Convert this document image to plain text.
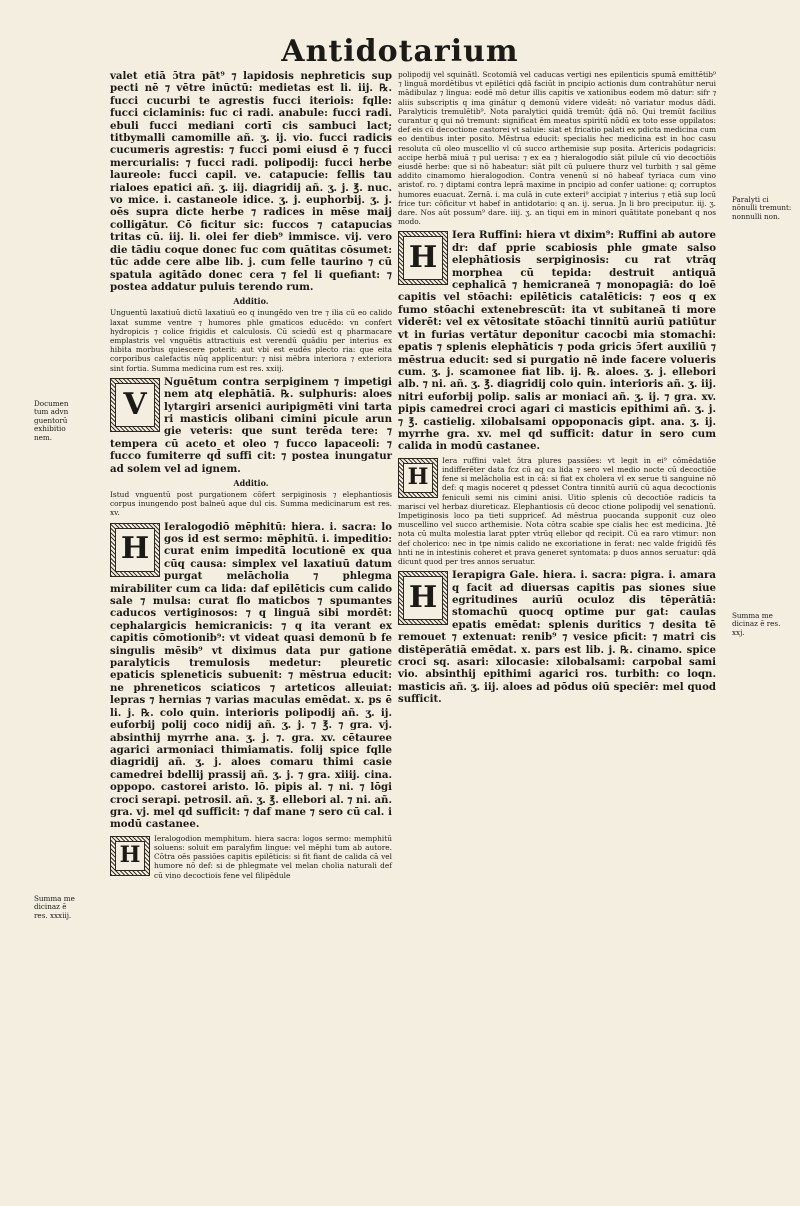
Antidotarium
valet etiā ɔ̄tra pāt⁹ ⁊ lapidosis nephreticis sup pecti nē ⁊ vētre inūctū: medietas est li. iij. ℞. fucci cucurbi te agrestis fucci iteriois: fqlle: fucci ciclaminis: fuc ci radi. anabule: fucci radi. ebuli fucci mediani cortī cis sambuci lact; titbymalli camomille añ. ʒ. ij. vio. fucci radicis cucumeris agrestis: ⁊ fucci pomi eiusd ē ⁊ fucci mercurialis: ⁊ fucci radi. polipodij: fucci herbe laureole: fucci capil. ve. catapucie: fellis tau rialoes epatici añ. ʒ. iij. diagridij añ. ʒ. j. ℥. nuc. vo mice. i. castaneole idice. ʒ. j. euphorbij. ʒ. j. oēs supra dicte herbe ⁊ radices in mēse maij colligātur. Cō ficitur sic: fuccos ⁊ catapucias tritas cū. iij. li. olei fer dieb⁹ immisce. vij. vero die tādiu coque donec fuc com quātitas cōsumet: tūc adde cere albe lib. j. cum felle taurino ⁊ cū spatula agitādo donec cera ⁊ fel li quefiant: ⁊ postea addatur puluis terendo rum.
Additio.
Unguentū laxatiuū dictū laxatiuū eo q inungēdo ven tre ⁊ ilia cū eo calido laxat summe ventre ⁊ humores phle gmaticos educēdo: vn confert hydropicis ⁊ colice frigidis et calculosis. Cū sciedū est q pharmacare emplastris vel vnguētis attractiuis est verendū quādiu per interius ex hibita morbus quiescere poterit: aut vbi est eudēs plecto ria: que eita corporibus calefactis nūq applicentur: ⁊ nisi mēbra interiora ⁊ exteriora sint fortia. Summa medicina rum est res. xxiij.
V
Nguētum contra serpiginem ⁊ impetigi nem atq elephātiā. ℞. sulphuris: aloes lytargiri arsenici auripigmēti vini tarta ri masticis olibani cimini picule arun gie veteris: que sunt terēda tere: ⁊ tempera cū aceto et oleo ⁊ fucco lapaceoli: ⁊ fucco fumiterre qd̄ suffi cit: ⁊ postea inungatur ad solem vel ad ignem.
Additio.
Istud vnguentū post purgationem cōfert serpiginosis ⁊ elephantiosis corpus inungendo post balneū aque dul cis. Summa medicinarum est res. xv.
H
Ieralogodiō mēphitū: hiera. i. sacra: lo gos id est sermo: mēphitū. i. impeditio: curat enim impeditā locutionē ex qua cūq causa: simplex vel laxatiuū datum purgat melācholia ⁊ phlegma mirabiliter cum ca lida: daf epilēticis cum calido sale ⁊ mulsa: curat flo maticbos ⁊ spumantes caducos vertiginosos: ⁊ q linguā sibi mordēt: cephalargicis hemicranicis: ⁊ q ita verant ex capitis cōmotionib⁹: vt videat quasi demonū b fe singulis mēsib⁹ vt diximus data pur gatione paralyticis tremulosis medetur: pleuretic epaticis spleneticis subuenit: ⁊ mēstrua educit: ne phreneticos sciaticos ⁊ arteticos alleuiat: lepras ⁊ hernias ⁊ varias maculas emēdat. x. ps ē li. j. ℞. colo quin. interioris polipodij añ. ʒ. ij. euforbij polij coco nidij añ. ʒ. j. ⁊ ℥. ⁊ gra. vj. absinthij myrrhe ana. ʒ. j. ⁊. gra. xv. cētauree agarici armoniaci thimiamatis. folij spice fqlle diagridij añ. ʒ. j. aloes comaru thimi casie camedrei bdellij prassij añ. ʒ. j. ⁊ gra. xiiij. cina. oppopo. castorei aristo. lō. pipis al. ⁊ ni. ⁊ lōgi croci serapi. petrosil. añ. ʒ. ℥. ellebori al. ⁊ ni. añ. gra. vj. mel qd sufficit: ⁊ daf mane ⁊ sero cū cal. i modū castanee.
H
Ieralogodion memphitum. hiera sacra: logos sermo: memphitū soluens: soluit em paralyfim lingue: vel mēphi tum ab autore. Cōtra oēs passiōes capitis epilēticis: si fit fiant de calida cā vel humore nō def: si de phlegmate vel melan cholia naturali def cū vino decoctiois fene vel filipēdule
polipodij vel squinātl. Scotomiā vel caducas vertigi nes epilenticis spumā emittētib⁹ ⁊ linguā mordētibus vt epilētici qdā faciūt in pncipio actionis dum contrahūtur nerui mādibulaz ⁊ lingua: eodē mō detur illis capitis ve xationibus eodem mō datur: sifr ⁊ aliis subscriptis q ima ginātur q demonū videre videāt: nō variatur modus dādi. Paralyticis tremulētib⁹. Nota paralytici quidā tremūt: q̄dā nō. Qui tremūt facilius curantur q qui nō tremunt: significat ēm meatus spiritū nōdū ex toto esse oppilatos: def eis cū decoctione castorei vt saluie: siat et fricatio palati ex pdicta medicina cum eo dentibus inter posito. Mēstrua educit: specialis hec medicina est in hoc casu resoluta cū oleo muscellio vl cū succo arthemisie sup posita. Artericis podagricis: accipe herbā miuā ⁊ pul uerisa: ⁊ ex ea ⁊ hieralogodio siāt pilule cū vio decoctiōis eiusdē herbe: que si nō habeatur: siāt pilt cū puluere thurz vel turbith ⁊ sal gēme addito cinamomo hieralogodion. Contra venenū si nō habeaf tyriaca cum vino aristof. ro. ⁊ diptami contra leprā maxime in pncipio ad confer uatione: q; corruptos humores euacuat. Zernā. i. ma culā in cute exteri⁹ accipiat ⁊ interius ⁊ etiā sup locū frice tur: cōficitur vt habef in antidotario: q an. ij. serua. Jn li bro preciputur. iij. ʒ. dare. Nos aūt possum⁹ dare. iiij. ʒ. an tiqui em in minori quātitate ponebant q nos modo.
H
Iera Ruffini: hiera vt dixim⁹: Ruffini ab autore dr: daf pprie scabiosis phle gmate salso elephātiosis serpiginosis: cu rat vtrāq morphea cū tepida: destruit antiquā cephalicā ⁊ hemicraneā ⁊ monopagiā: do loē capitis vel stōachi: epilēticis catalēticis: ⁊ eos q ex fumo stōachi extenebrescūt: ita vt subitaneā ti more viderēt: vel ex vētositate stōachi tinnitū auriū patiūtur vt in furias vertātur deponitur cacocbi mia stomachi: epatis ⁊ splenis elephāticis ⁊ poda gricis ɔ̄fert auxiliū ⁊ mēstrua educit: sed si purgatio nē inde facere volueris cum. ʒ. j. scamonee fiat lib. ij. ℞. aloes. ʒ. j. ellebori alb. ⁊ ni. añ. ʒ. ℥. diagridij colo quin. interioris añ. ʒ. iij. nitri euforbij polip. salis ar moniaci añ. ʒ. ij. ⁊ gra. xv. pipis camedrei croci agari ci masticis epithimi añ. ʒ. j. ⁊ ℥. castielig. xilobalsami oppoponacis gipt. ana. ʒ. ij. myrrhe gra. xv. mel qd sufficit: datur in sero cum calida in modū castanee.
H
Iera ruffini valet ɔ̄tra plures passiōes: vt legit in ei⁹ cōmēdatiōe indifferēter data fcz cū aq ca lida ⁊ sero vel medio nocte cū decoctiōe fene si melācholia est in cā: si fiat ex cholera vl ex serue ti sanguine nō def: q magis noceret q pdesset Contra tinnitū auriū cū aqua decoctionis feniculi semi nis cimini anisi. Uitio splenis cū decoctiōe radicis ta marisci vel herbaz diureticaz. Elephantiosis cū decoc ctione polipodij vel senationū. Impetiginosis loco pa tieti suppricef. Ad mēstrua puocanda supponit cuz oleo muscellino vel succo arthemisie. Nota cōtra scabie spe cialis hec est medicina. Jtē nota cū multa molestia larat ppter vtrūq ellebor qd recipit. Cū ea raro vtimur: non def cholerico: nec in tpe nimis calido ne excoriatione in ferat: nec valde frigidū fēs hnti ne in intestinis coheret et prava generet syntomata: p duos annos seruatur: qdā dicunt quod per tres annos seruatur.
H
Ierapigra Gale. hiera. i. sacra: pigra. i. amara q facit ad diuersas capitis pas siones siue egritudines auriū oculoz dis tēperātiā: stomachū quocq optime pur gat: caulas epatis emēdat: splenis duritics ⁊ desita tē remouet ⁊ extenuat: renib⁹ ⁊ vesice pficit: ⁊ matri cis distēperātiā emēdat. x. pars est lib. j. ℞. cinamo. spice croci sq. asari: xilocasie: xilobalsami: carpobal sami vio. absinthij epithimi agarici ros. turbith: co loqn. masticis añ. ʒ. iij. aloes ad pōdus oiū speciēr: mel quod sufficit.
Documen tum advn guentorū exhibitio nem.
Paralyti ci nōnulli tremunt: nonnulli non.
Summa me dicinaz ē res. xxj.
Summa me dicinaz ē res. xxxiij.
